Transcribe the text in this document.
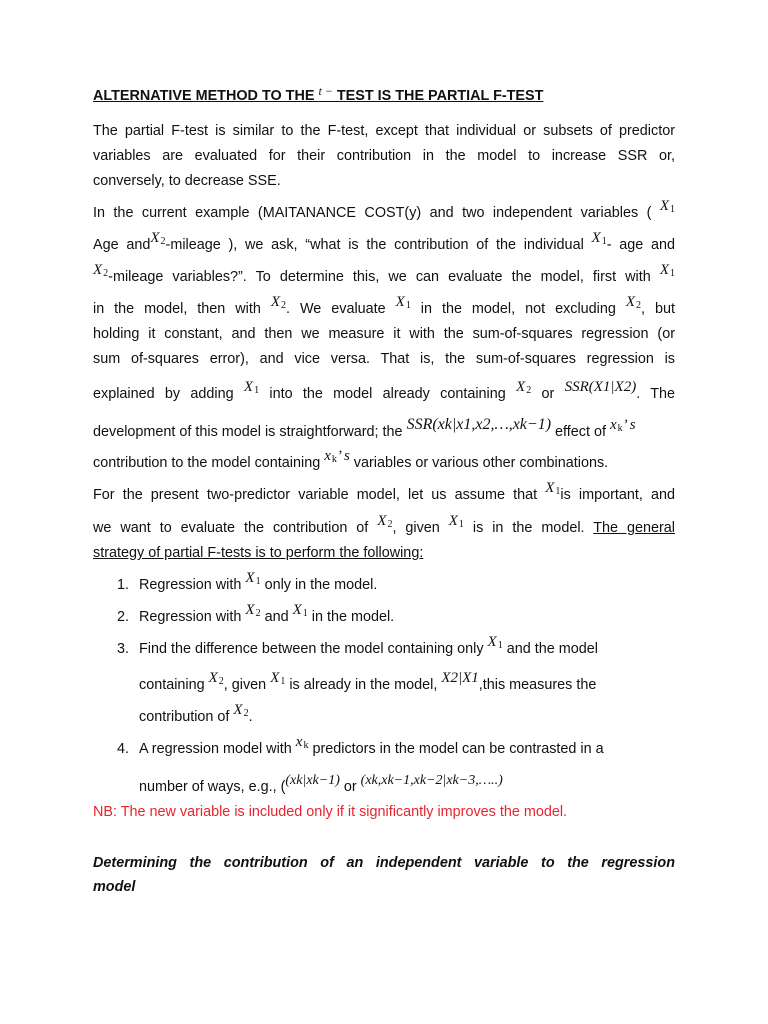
ALTERNATIVE METHOD TO THE $^{t -}$ TEST IS THE PARTIAL F-TEST
The partial F-test is similar to the F-test, except that individual or subsets of predictor
variables are evaluated for their contribution in the model to increase SSR or,
conversely, to decrease SSE.
In the current example (MAITANANCE COST(y) and two independent variables ( $X_1$
Age andX$_2$-mileage ), we ask, “what is the contribution of the individual $X_1-$ age and
$X_2$-mileage variables?”. To determine this, we can evaluate the model, first with $X_1$
in the model, then with $X_2$. We evaluate $X_1$ in the model, not excluding $X_2$, but
holding it constant, and then we measure it with the sum-of-squares regression (or
sum of-squares error), and vice versa. That is, the sum-of-squares regression is
explained by adding $X_1$ into the model already containing $X_2$ or SSR(X1|X2). The
development of this model is straightforward; the SSR(xk|x1,x2,…,xk−1) effect of $x_k$’ s
contribution to the model containing $x_k$’ s variables or various other combinations.
For the present two-predictor variable model, let us assume that $X_1is$ important, and
we want to evaluate the contribution of $X_2$, given $X_1$ is in the model. The general
strategy of partial F-tests is to perform the following:
1. Regression with $X_1$ only in the model.
2. Regression with $X_2$ and $X_1$ in the model.
3. Find the difference between the model containing only $X_1$ and the model
containing $X_2$, given $X_1$ is already in the model, X2|X1,this measures the
contribution of $X_2$.
4. A regression model with $x_k$ predictors in the model can be contrasted in a
number of ways, e.g., ((xk|xk−1) or (xk,xk−1,xk−2|xk−3,…..)

NB: The new variable is included only if it significantly improves the model.

Determining the contribution of an independent variable to the regression
model
